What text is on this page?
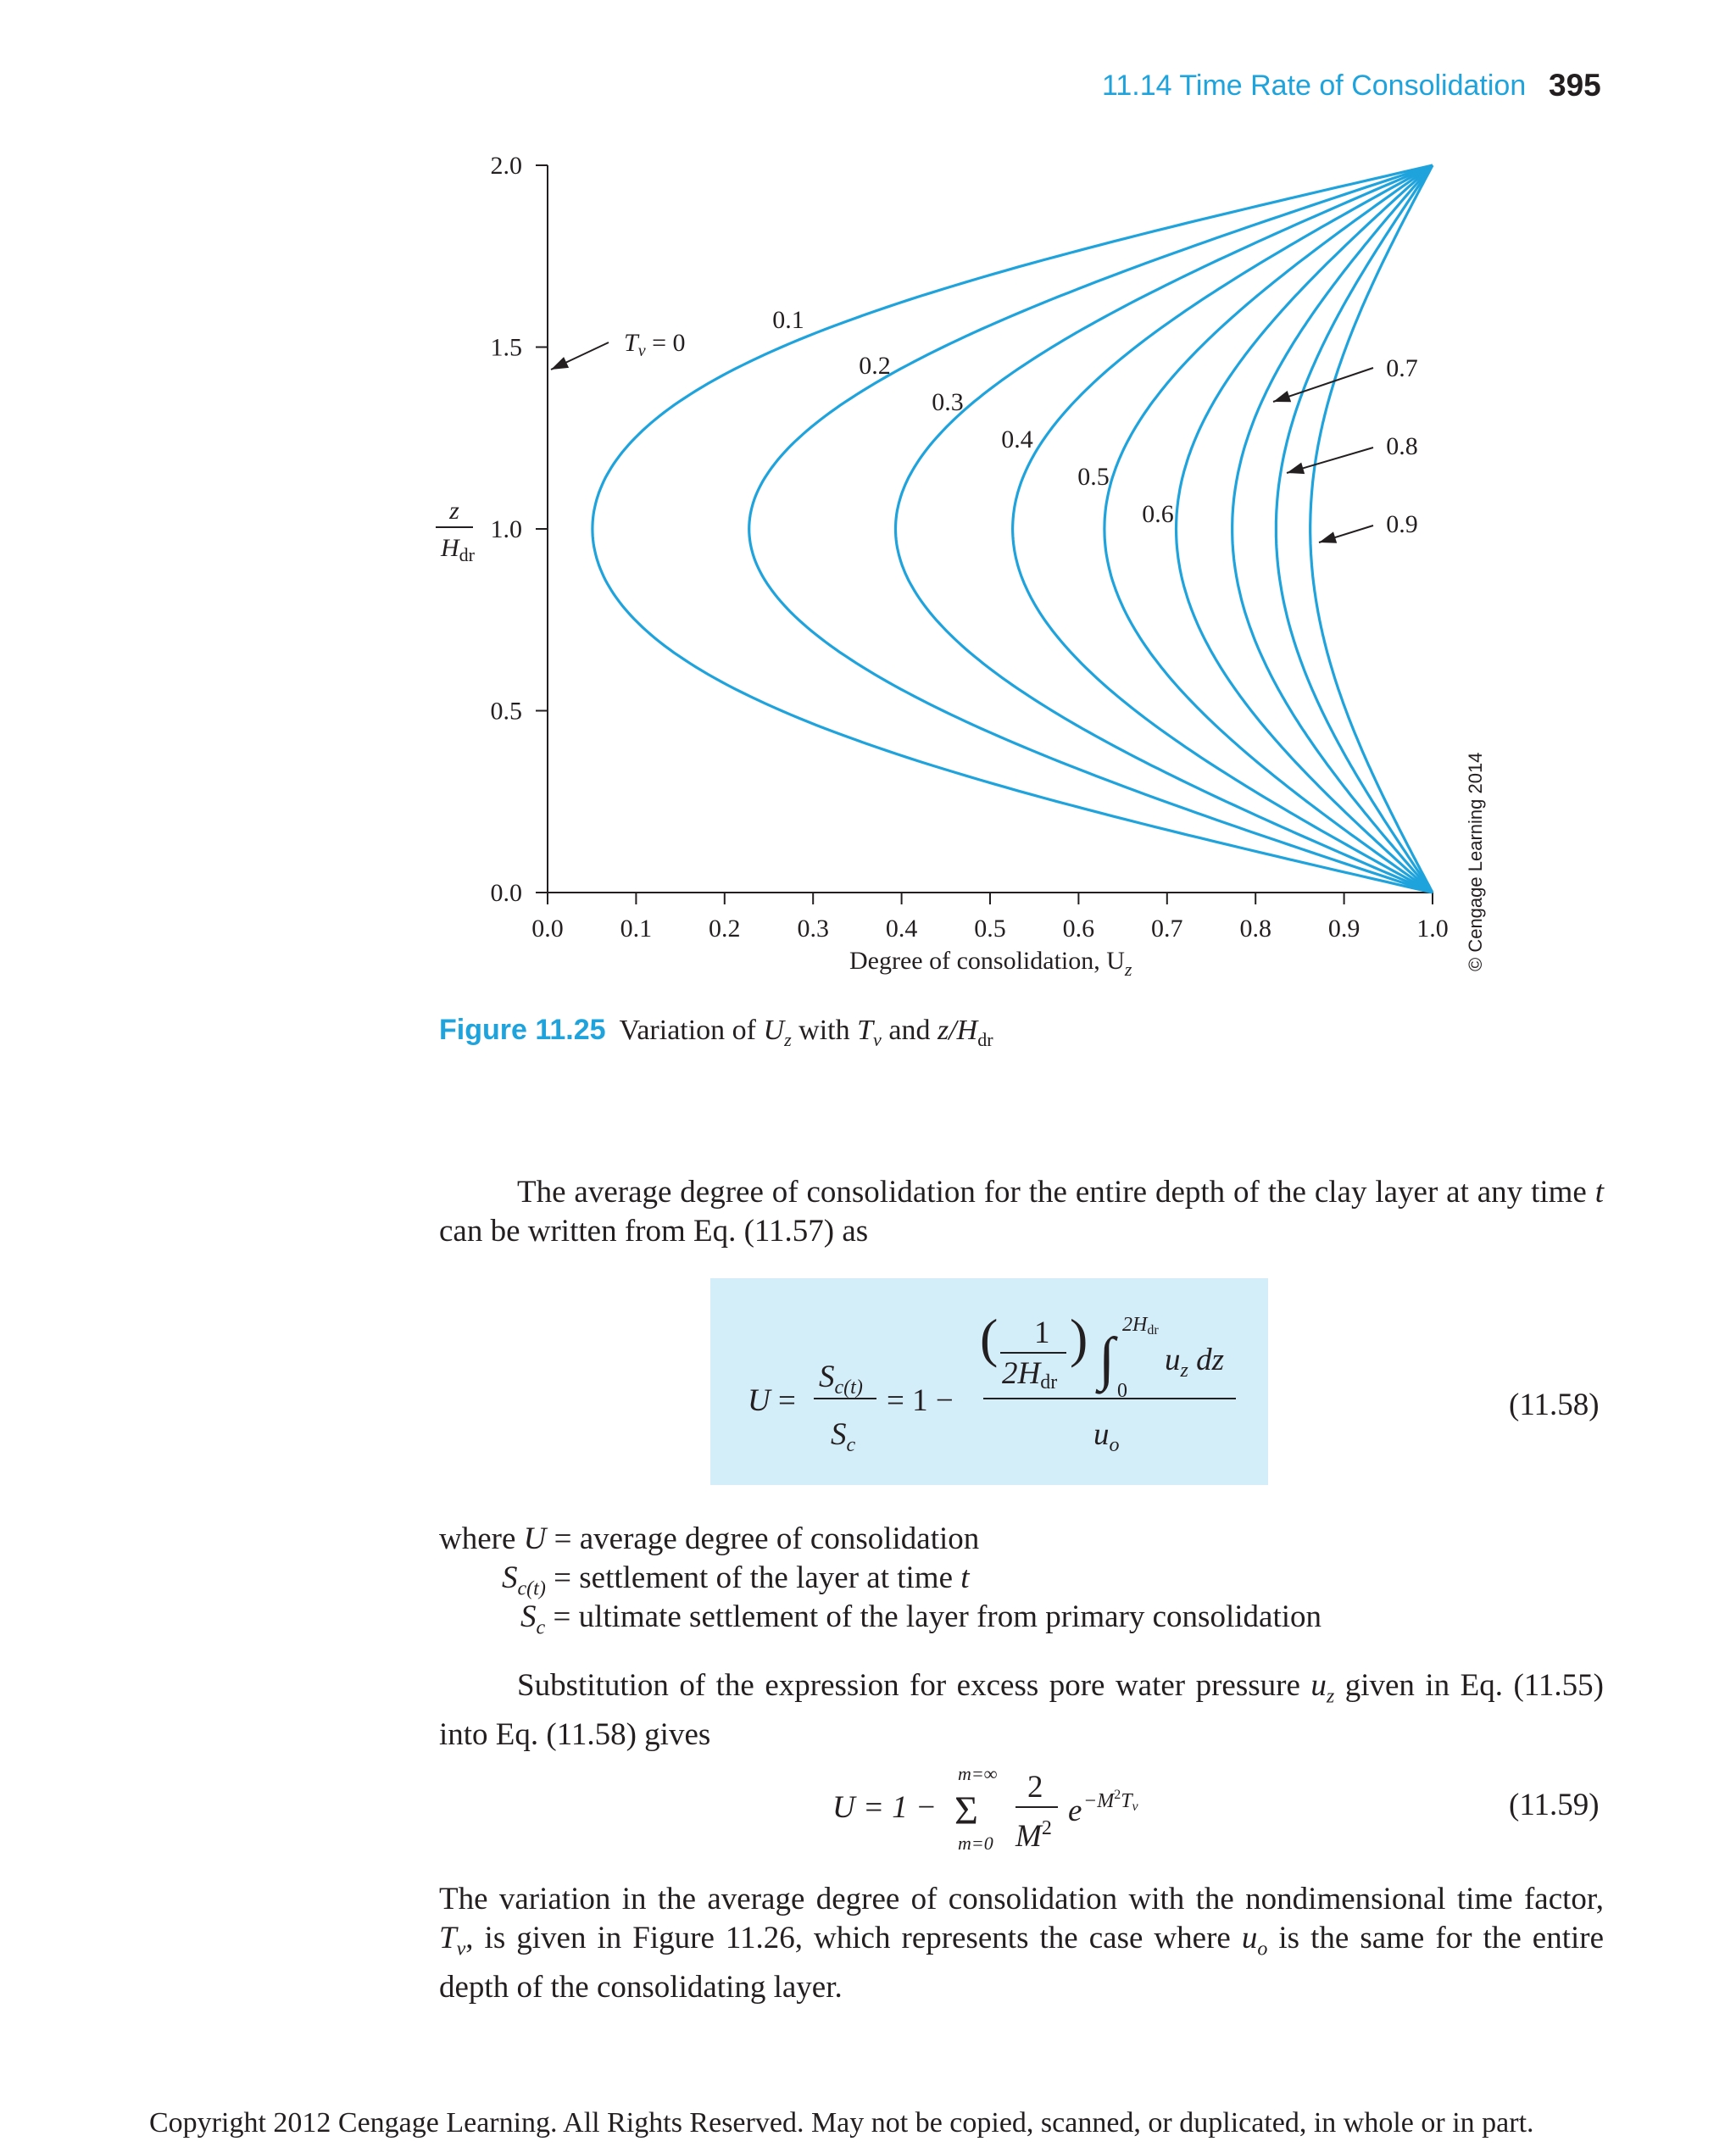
11.14 Time Rate of Consolidation 395
0.0 0.1 0.2 0.3 0.4 0.5 0.6 0.7 0.8 0.9 1.0
0.0
0.5
1.0
1.5
2.0
0.1
0.2
0.3
0.4
0.5
0.6
0.7
0.8
0.9
$T_v = 0$
z
$H_{dr}$
Degree of consolidation, $U_z$	© Cengage Learning 2014
Figure 11.25 Variation of $U_z$ with $T_v$ and $z/H_{dr}$
The average degree of consolidation for the entire depth of the clay layer at any time t can be written from Eq. (11.57) as
U =
$S_{c(t)}$
$S_c$
= 1 −
( 1
2Hdr
) ∫
2Hdr
0
$u_z$ dz
$u_o$
(11.58)
where U = average degree of consolidation
$S_{c(t)}$ = settlement of the layer at time t
$S_c$ = ultimate settlement of the layer from primary consolidation
Substitution of the expression for excess pore water pressure $u_z$ given in Eq. (11.55) into Eq. (11.58) gives
U = 1 −
m=∞
Σ
m=0
2
$M^2$ $e -M^2Tv$	(11.59)
The variation in the average degree of consolidation with the nondimensional time factor, $T_v$, is given in Figure 11.26, which represents the case where $u_o$ is the same for the entire depth of the consolidating layer.
Copyright 2012 Cengage Learning. All Rights Reserved. May not be copied, scanned, or duplicated, in whole or in part.
